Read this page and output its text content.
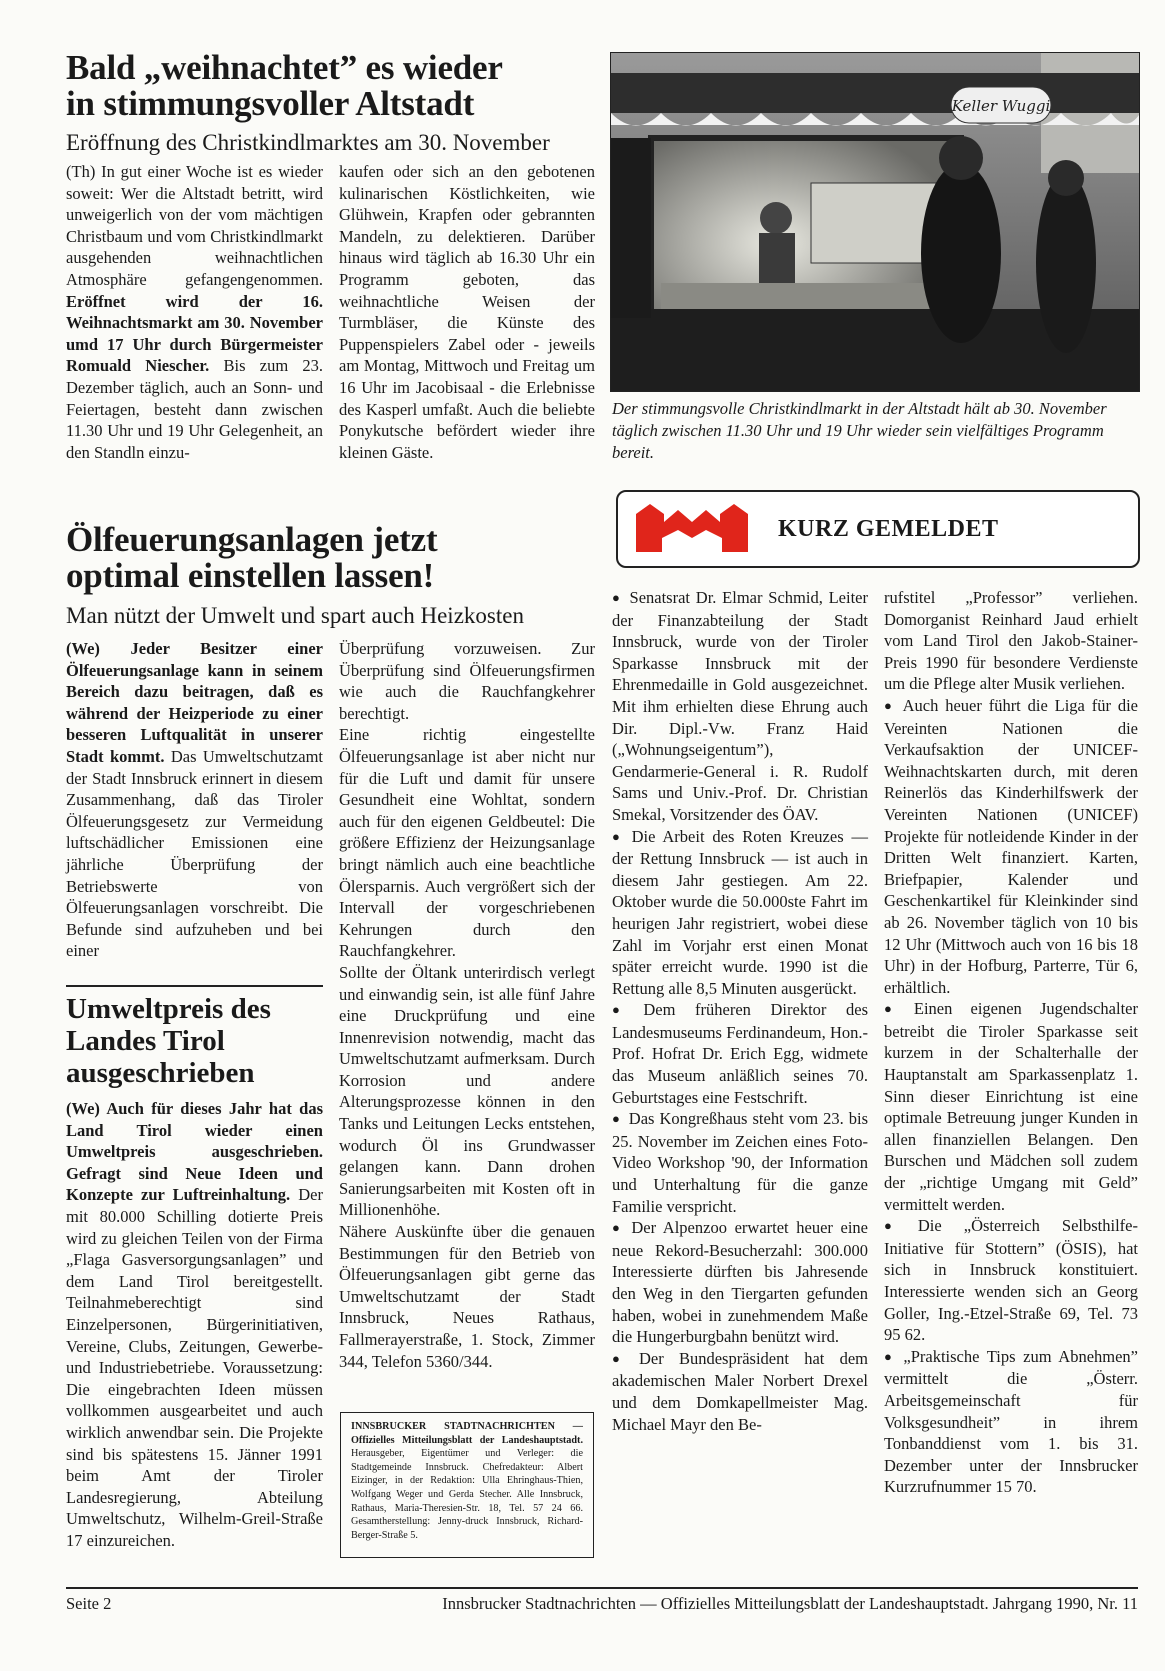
Bald „weihnachtet” es wieder
in stimmungsvoller Altstadt
Eröffnung des Christkindlmarktes am 30. November

(Th) In gut einer Woche ist es wieder soweit: Wer die Altstadt betritt, wird unweigerlich von der vom mächtigen Christbaum und vom Christkindlmarkt ausgehenden weihnachtlichen Atmosphäre gefangengenommen. Eröffnet wird der 16. Weihnachtsmarkt am 30. November umd 17 Uhr durch Bürgermeister Romuald Niescher. Bis zum 23. Dezember täglich, auch an Sonn- und Feiertagen, besteht dann zwischen 11.30 Uhr und 19 Uhr Gelegenheit, an den Standln einzu-

kaufen oder sich an den gebotenen kulinarischen Köstlichkeiten, wie Glühwein, Krapfen oder gebrannten Mandeln, zu delektieren. Darüber hinaus wird täglich ab 16.30 Uhr ein Programm geboten, das weihnachtliche Weisen der Turmbläser, die Künste des Puppenspielers Zabel oder - jeweils am Montag, Mittwoch und Freitag um 16 Uhr im Jacobisaal - die Erlebnisse des Kasperl umfaßt. Auch die beliebte Ponykutsche befördert wieder ihre kleinen Gäste.

Keller Wuggi
Der stimmungsvolle Christkindlmarkt in der Altstadt hält ab 30. November täglich zwischen 11.30 Uhr und 19 Uhr wieder sein vielfältiges Programm bereit.
Ölfeuerungsanlagen jetzt
optimal einstellen lassen!
Man nützt der Umwelt und spart auch Heizkosten

(We) Jeder Besitzer einer Ölfeuerungsanlage kann in seinem Bereich dazu beitragen, daß es während der Heizperiode zu einer besseren Luftqualität in unserer Stadt kommt. Das Umweltschutzamt der Stadt Innsbruck erinnert in diesem Zusammenhang, daß das Tiroler Ölfeuerungsgesetz zur Vermeidung luftschädlicher Emissionen eine jährliche Überprüfung der Betriebswerte von Ölfeuerungsanlagen vorschreibt. Die Befunde sind aufzuheben und bei einer

Überprüfung vorzuweisen. Zur Überprüfung sind Ölfeuerungsfirmen wie auch die Rauchfangkehrer berechtigt.

Eine richtig eingestellte Ölfeuerungsanlage ist aber nicht nur für die Luft und damit für unsere Gesundheit eine Wohltat, sondern auch für den eigenen Geldbeutel: Die größere Effizienz der Heizungsanlage bringt nämlich auch eine beachtliche Ölersparnis. Auch vergrößert sich der Intervall der vorgeschriebenen Kehrungen durch den Rauchfangkehrer.

Sollte der Öltank unterirdisch verlegt und einwandig sein, ist alle fünf Jahre eine Druckprüfung und eine Innenrevision notwendig, macht das Umweltschutzamt aufmerksam. Durch Korrosion und andere Alterungsprozesse können in den Tanks und Leitungen Lecks entstehen, wodurch Öl ins Grundwasser gelangen kann. Dann drohen Sanierungsarbeiten mit Kosten oft in Millionenhöhe.

Nähere Auskünfte über die genauen Bestimmungen für den Betrieb von Ölfeuerungsanlagen gibt gerne das Umweltschutzamt der Stadt Innsbruck, Neues Rathaus, Fallmerayerstraße, 1. Stock, Zimmer 344, Telefon 5360/344.

Umweltpreis des
Landes Tirol
ausgeschrieben

(We) Auch für dieses Jahr hat das Land Tirol wieder einen Umweltpreis ausgeschrieben. Gefragt sind Neue Ideen und Konzepte zur Luftreinhaltung. Der mit 80.000 Schilling dotierte Preis wird zu gleichen Teilen von der Firma „Flaga Gasversorgungsanlagen” und dem Land Tirol bereitgestellt. Teilnahmeberechtigt sind Einzelpersonen, Bürgerinitiativen, Vereine, Clubs, Zeitungen, Gewerbe- und Industriebetriebe. Voraussetzung: Die eingebrachten Ideen müssen vollkommen ausgearbeitet und auch wirklich anwendbar sein. Die Projekte sind bis spätestens 15. Jänner 1991 beim Amt der Tiroler Landesregierung, Abteilung Umweltschutz, Wilhelm-Greil-Straße 17 einzureichen.

INNSBRUCKER STADTNACHRICHTEN — Offizielles Mitteilungsblatt der Landeshauptstadt. Herausgeber, Eigentümer und Verleger: die Stadtgemeinde Innsbruck. Chefredakteur: Albert Eizinger, in der Redaktion: Ulla Ehringhaus-Thien, Wolfgang Weger und Gerda Stecher. Alle Innsbruck, Rathaus, Maria-Theresien-Str. 18, Tel. 57 24 66. Gesamtherstellung: Jenny-druck Innsbruck, Richard-Berger-Straße 5.
KURZ GEMELDET

● Senatsrat Dr. Elmar Schmid, Leiter der Finanzabteilung der Stadt Innsbruck, wurde von der Tiroler Sparkasse Innsbruck mit der Ehrenmedaille in Gold ausgezeichnet. Mit ihm erhielten diese Ehrung auch Dir. Dipl.-Vw. Franz Haid („Wohnungseigentum”), Gendarmerie-General i. R. Rudolf Sams und Univ.-Prof. Dr. Christian Smekal, Vorsitzender des ÖAV.

● Die Arbeit des Roten Kreuzes — der Rettung Innsbruck — ist auch in diesem Jahr gestiegen. Am 22. Oktober wurde die 50.000ste Fahrt im heurigen Jahr registriert, wobei diese Zahl im Vorjahr erst einen Monat später erreicht wurde. 1990 ist die Rettung alle 8,5 Minuten ausgerückt.

● Dem früheren Direktor des Landesmuseums Ferdinandeum, Hon.-Prof. Hofrat Dr. Erich Egg, widmete das Museum anläßlich seines 70. Geburtstages eine Festschrift.

● Das Kongreßhaus steht vom 23. bis 25. November im Zeichen eines Foto-Video Workshop '90, der Information und Unterhaltung für die ganze Familie verspricht.

● Der Alpenzoo erwartet heuer eine neue Rekord-Besucherzahl: 300.000 Interessierte dürften bis Jahresende den Weg in den Tiergarten gefunden haben, wobei in zunehmendem Maße die Hungerburgbahn benützt wird.

● Der Bundespräsident hat dem akademischen Maler Norbert Drexel und dem Domkapellmeister Mag. Michael Mayr den Be-

rufstitel „Professor” verliehen. Domorganist Reinhard Jaud erhielt vom Land Tirol den Jakob-Stainer-Preis 1990 für besondere Verdienste um die Pflege alter Musik verliehen.

● Auch heuer führt die Liga für die Vereinten Nationen die Verkaufsaktion der UNICEF-Weihnachtskarten durch, mit deren Reinerlös das Kinderhilfswerk der Vereinten Nationen (UNICEF) Projekte für notleidende Kinder in der Dritten Welt finanziert. Karten, Briefpapier, Kalender und Geschenkartikel für Kleinkinder sind ab 26. November täglich von 10 bis 12 Uhr (Mittwoch auch von 16 bis 18 Uhr) in der Hofburg, Parterre, Tür 6, erhältlich.

● Einen eigenen Jugendschalter betreibt die Tiroler Sparkasse seit kurzem in der Schalterhalle der Hauptanstalt am Sparkassenplatz 1. Sinn dieser Einrichtung ist eine optimale Betreuung junger Kunden in allen finanziellen Belangen. Den Burschen und Mädchen soll zudem der „richtige Umgang mit Geld” vermittelt werden.

● Die „Österreich Selbsthilfe-Initiative für Stottern” (ÖSIS), hat sich in Innsbruck konstituiert. Interessierte wenden sich an Georg Goller, Ing.-Etzel-Straße 69, Tel. 73 95 62.

● „Praktische Tips zum Abnehmen” vermittelt die „Österr. Arbeitsgemeinschaft für Volksgesundheit” in ihrem Tonbanddienst vom 1. bis 31. Dezember unter der Innsbrucker Kurzrufnummer 15 70.

Seite 2	Innsbrucker Stadtnachrichten — Offizielles Mitteilungsblatt der Landeshauptstadt. Jahrgang 1990, Nr. 11
